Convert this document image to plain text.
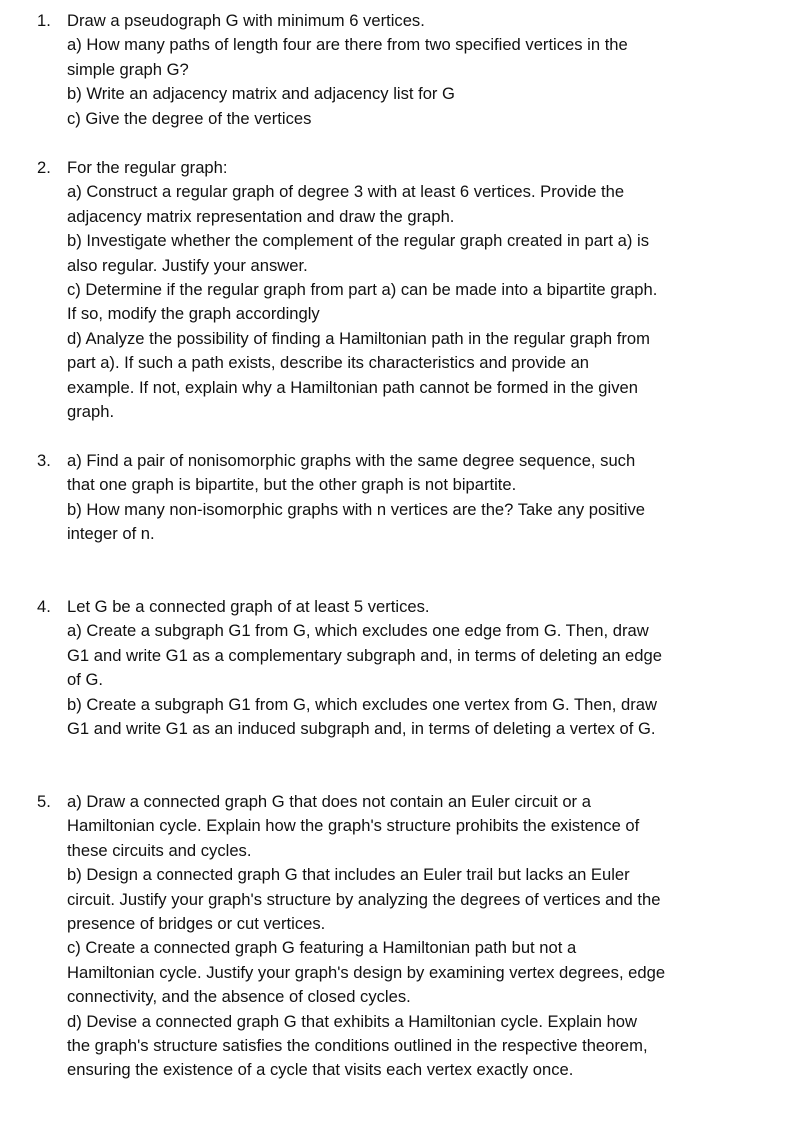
1. Draw a pseudograph G with minimum 6 vertices.
a) How many paths of length four are there from two specified vertices in the
simple graph G?
b) Write an adjacency matrix and adjacency list for G
c) Give the degree of the vertices
2. For the regular graph:
a) Construct a regular graph of degree 3 with at least 6 vertices. Provide the
adjacency matrix representation and draw the graph.
b) Investigate whether the complement of the regular graph created in part a) is
also regular. Justify your answer.
c) Determine if the regular graph from part a) can be made into a bipartite graph.
If so, modify the graph accordingly
d) Analyze the possibility of finding a Hamiltonian path in the regular graph from
part a). If such a path exists, describe its characteristics and provide an
example. If not, explain why a Hamiltonian path cannot be formed in the given
graph.
3. a) Find a pair of nonisomorphic graphs with the same degree sequence, such
that one graph is bipartite, but the other graph is not bipartite.
b) How many non-isomorphic graphs with n vertices are the? Take any positive
integer of n.
4. Let G be a connected graph of at least 5 vertices.
a) Create a subgraph G1 from G, which excludes one edge from G. Then, draw
G1 and write G1 as a complementary subgraph and, in terms of deleting an edge
of G.
b) Create a subgraph G1 from G, which excludes one vertex from G. Then, draw
G1 and write G1 as an induced subgraph and, in terms of deleting a vertex of G.
5. a) Draw a connected graph G that does not contain an Euler circuit or a
Hamiltonian cycle. Explain how the graph's structure prohibits the existence of
these circuits and cycles.
b) Design a connected graph G that includes an Euler trail but lacks an Euler
circuit. Justify your graph's structure by analyzing the degrees of vertices and the
presence of bridges or cut vertices.
c) Create a connected graph G featuring a Hamiltonian path but not a
Hamiltonian cycle. Justify your graph's design by examining vertex degrees, edge
connectivity, and the absence of closed cycles.
d) Devise a connected graph G that exhibits a Hamiltonian cycle. Explain how
the graph's structure satisfies the conditions outlined in the respective theorem,
ensuring the existence of a cycle that visits each vertex exactly once.
